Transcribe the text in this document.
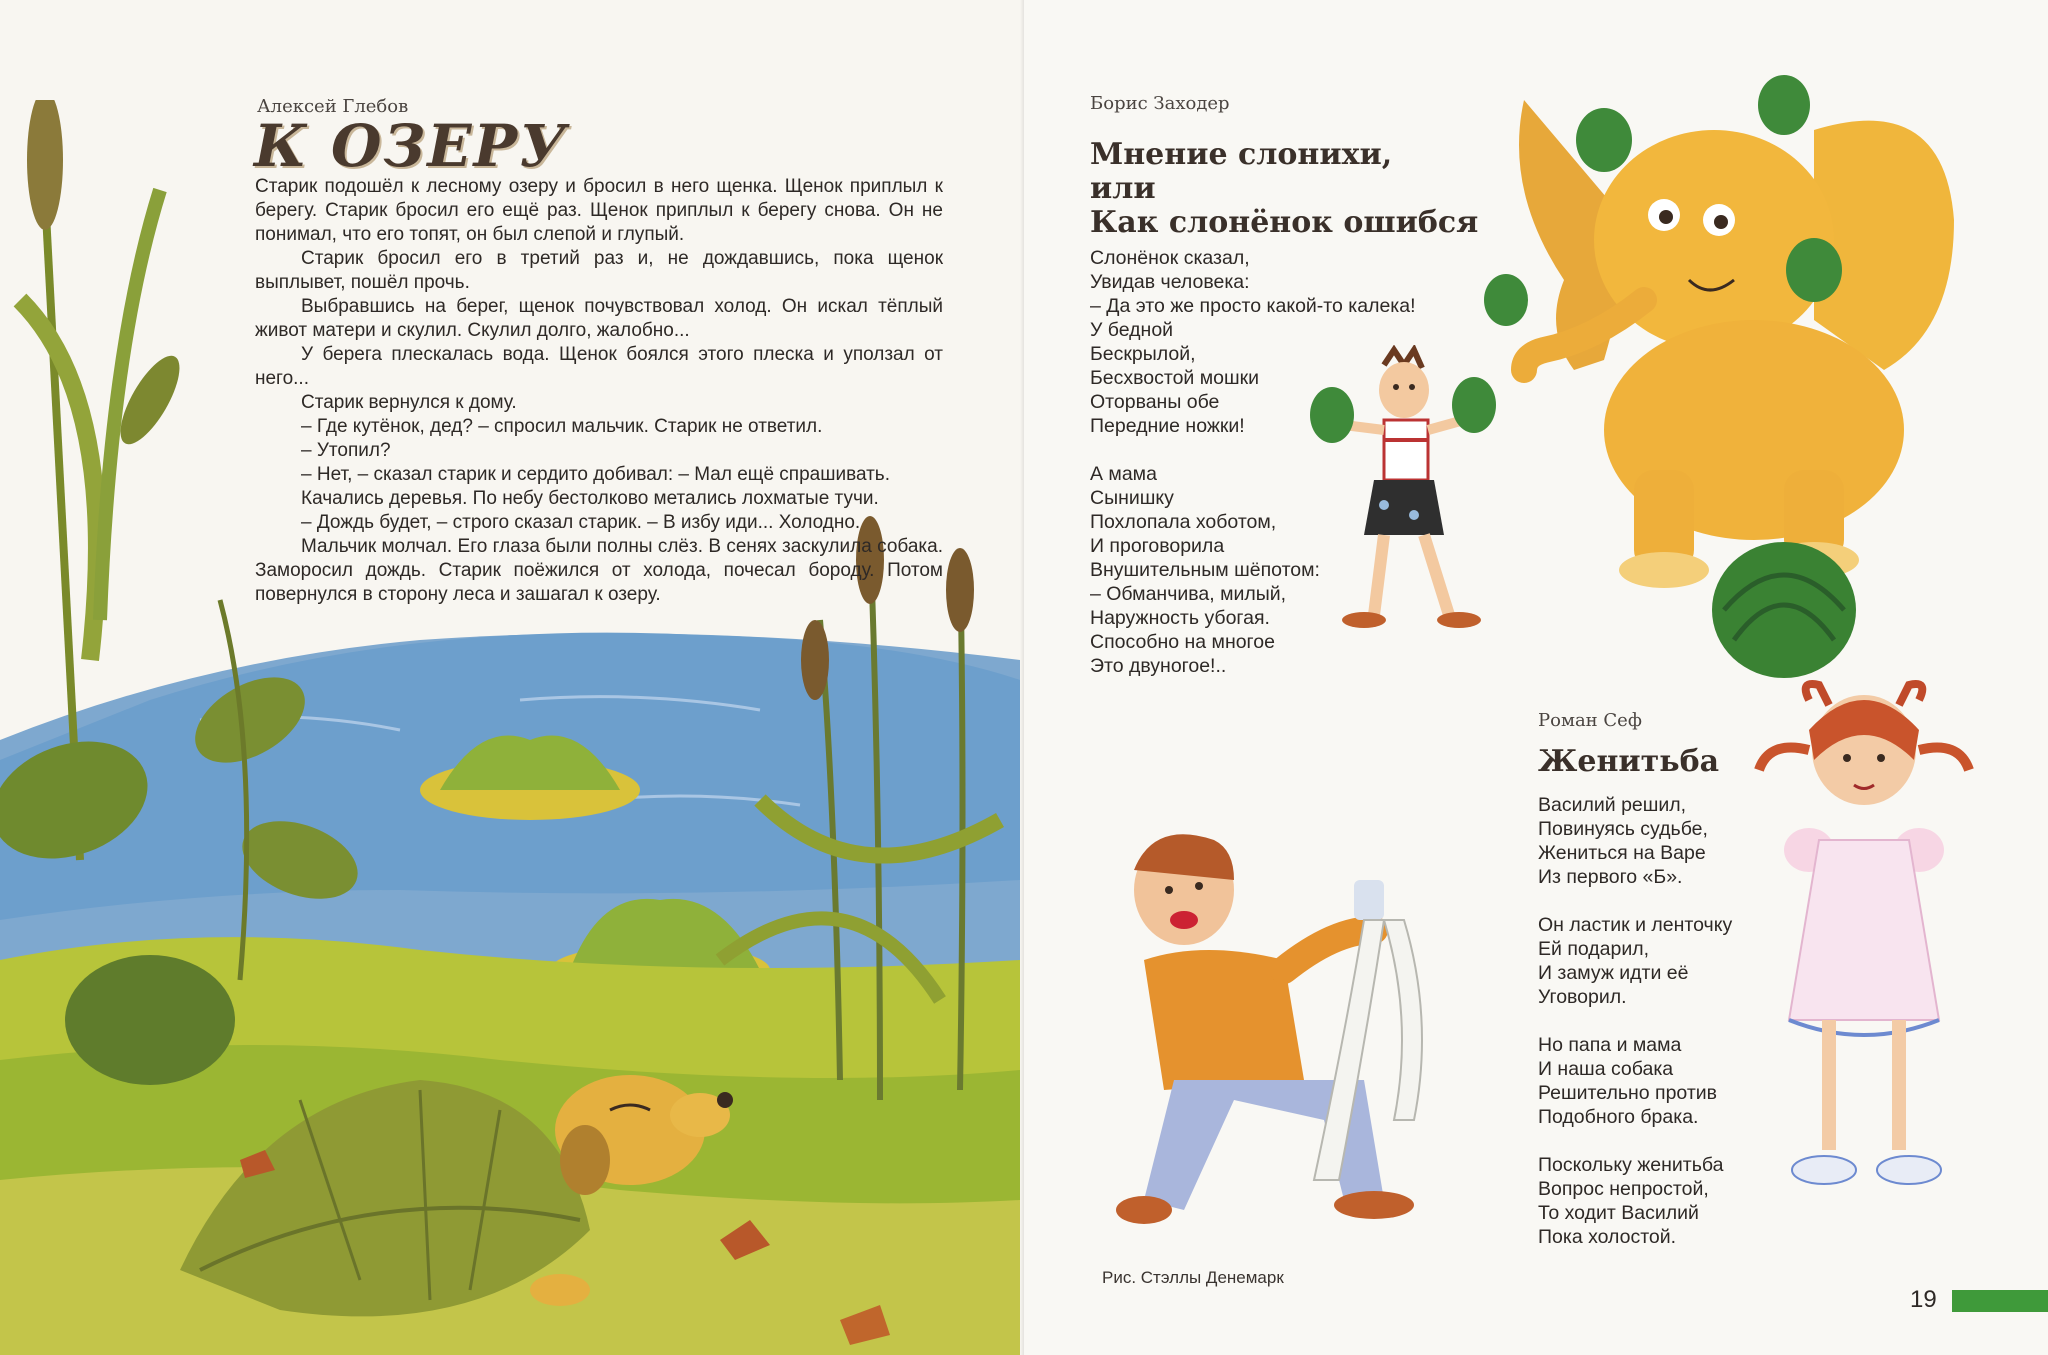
Алексей Глебов
К ОЗЕРУ

Старик подошёл к лесному озеру и бросил в него щенка. Щенок приплыл к берегу. Старик бросил его ещё раз. Щенок приплыл к берегу снова. Он не понимал, что его топят, он был слепой и глупый.

Старик бросил его в третий раз и, не дождавшись, пока щенок выплывет, пошёл прочь.

Выбравшись на берег, щенок почувствовал холод. Он искал тёплый живот матери и скулил. Скулил долго, жалобно...

У берега плескалась вода. Щенок боялся этого плеска и уползал от него...

Старик вернулся к дому.

– Где кутёнок, дед? – спросил мальчик. Старик не ответил.

– Утопил?

– Нет, – сказал старик и сердито добивал: – Мал ещё спрашивать.

Качались деревья. По небу бестолково метались лохматые тучи.

– Дождь будет, – строго сказал старик. – В избу иди... Холодно.

Мальчик молчал. Его глаза были полны слёз. В сенях заскулила собака. Заморосил дождь. Старик поёжился от холода, почесал бороду. Потом повернулся в сторону леса и зашагал к озеру.

Борис Заходер
Мнение слонихи,
или
Как слонёнок ошибся
Слонёнок сказал,
Увидав человека:
– Да это же просто какой-то калека!
У бедной
Бескрылой,
Бесхвостой мошки
Оторваны обе
Передние ножки!
А мама
Сынишку
Похлопала хоботом,
И проговорила
Внушительным шёпотом:
– Обманчива, милый,
Наружность убогая.
Способно на многое
Это двуногое!..
Роман Сеф
Женитьба
Василий решил,
Повинуясь судьбе,
Жениться на Варе
Из первого «Б».
Он ластик и ленточку
Ей подарил,
И замуж идти её
Уговорил.
Но папа и мама
И наша собака
Решительно против
Подобного брака.
Поскольку женитьба
Вопрос непростой,
То ходит Василий
Пока холостой.
Рис. Стэллы Денемарк
19
